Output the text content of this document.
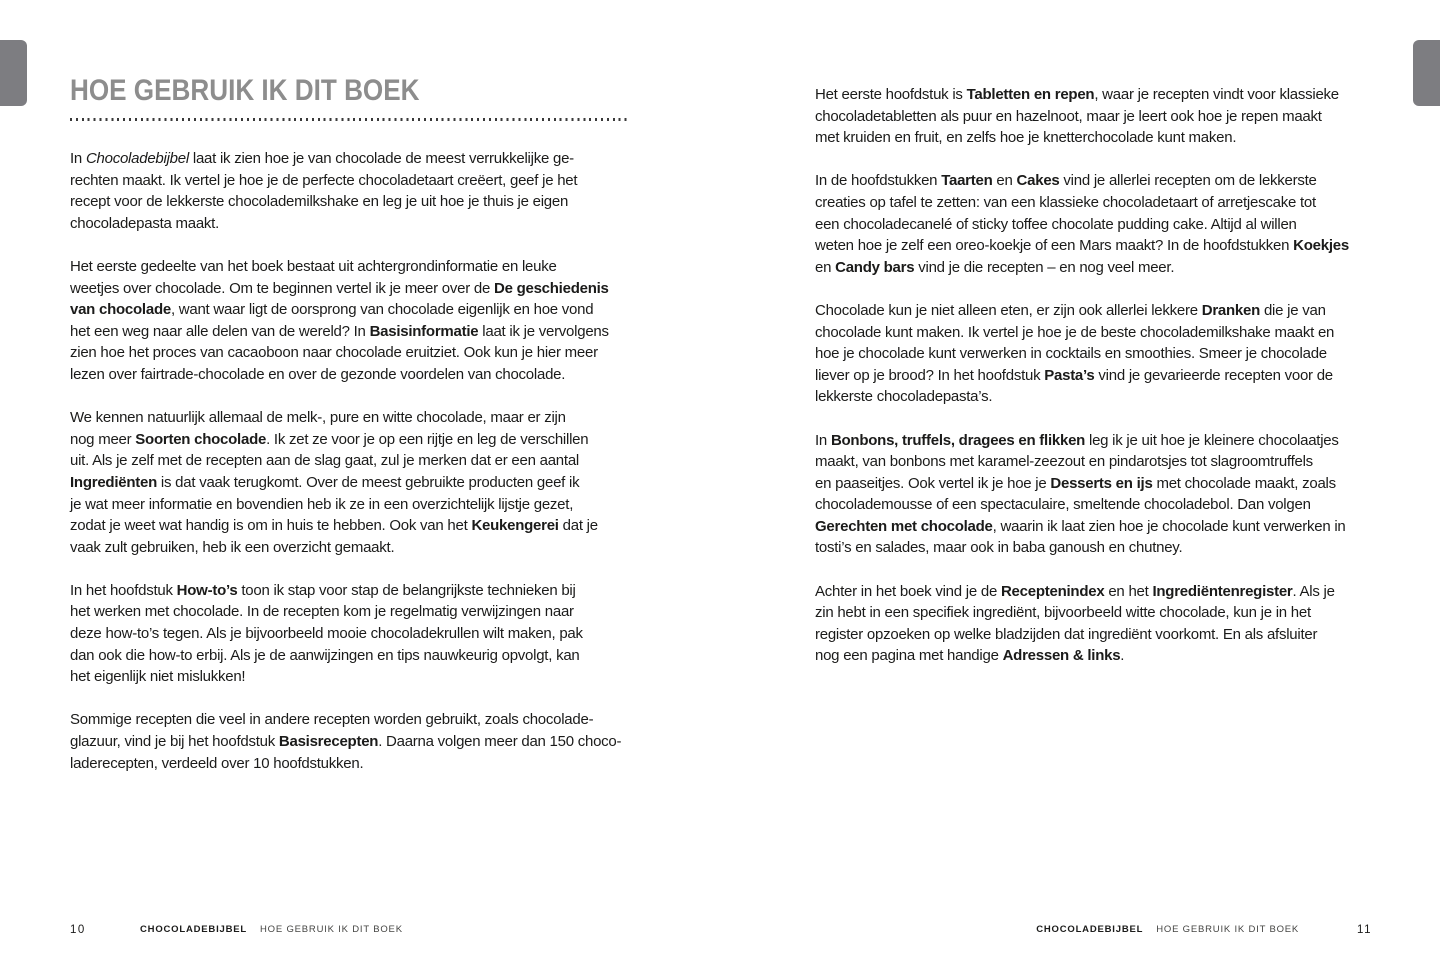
HOE GEBRUIK IK DIT BOEK

In Chocoladebijbel laat ik zien hoe je van chocolade de meest verrukkelijke ge-
rechten maakt. Ik vertel je hoe je de perfecte chocoladetaart creëert, geef je het
recept voor de lekkerste chocolademilkshake en leg je uit hoe je thuis je eigen
chocoladepasta maakt.

Het eerste gedeelte van het boek bestaat uit achtergrondinformatie en leuke
weetjes over chocolade. Om te beginnen vertel ik je meer over de De geschiedenis
van chocolade, want waar ligt de oorsprong van chocolade eigenlijk en hoe vond
het een weg naar alle delen van de wereld? In Basisinformatie laat ik je vervolgens
zien hoe het proces van cacaoboon naar chocolade eruitziet. Ook kun je hier meer
lezen over fairtrade-chocolade en over de gezonde voordelen van chocolade.

We kennen natuurlijk allemaal de melk-, pure en witte chocolade, maar er zijn
nog meer Soorten chocolade. Ik zet ze voor je op een rijtje en leg de verschillen
uit. Als je zelf met de recepten aan de slag gaat, zul je merken dat er een aantal
Ingrediënten is dat vaak terugkomt. Over de meest gebruikte producten geef ik
je wat meer informatie en bovendien heb ik ze in een overzichtelijk lijstje gezet,
zodat je weet wat handig is om in huis te hebben. Ook van het Keukengerei dat je
vaak zult gebruiken, heb ik een overzicht gemaakt.

In het hoofdstuk How-to’s toon ik stap voor stap de belangrijkste technieken bij
het werken met chocolade. In de recepten kom je regelmatig verwijzingen naar
deze how-to’s tegen. Als je bijvoorbeeld mooie chocoladekrullen wilt maken, pak
dan ook die how-to erbij. Als je de aanwijzingen en tips nauwkeurig opvolgt, kan
het eigenlijk niet mislukken!

Sommige recepten die veel in andere recepten worden gebruikt, zoals chocolade-
glazuur, vind je bij het hoofdstuk Basisrecepten. Daarna volgen meer dan 150 choco-
laderecepten, verdeeld over 10 hoofdstukken.

Het eerste hoofdstuk is Tabletten en repen, waar je recepten vindt voor klassieke
chocoladetabletten als puur en hazelnoot, maar je leert ook hoe je repen maakt
met kruiden en fruit, en zelfs hoe je knetterchocolade kunt maken.

In de hoofdstukken Taarten en Cakes vind je allerlei recepten om de lekkerste
creaties op tafel te zetten: van een klassieke chocoladetaart of arretjescake tot
een chocoladecanelé of sticky toffee chocolate pudding cake. Altijd al willen
weten hoe je zelf een oreo-koekje of een Mars maakt? In de hoofdstukken Koekjes
en Candy bars vind je die recepten – en nog veel meer.

Chocolade kun je niet alleen eten, er zijn ook allerlei lekkere Dranken die je van
chocolade kunt maken. Ik vertel je hoe je de beste chocolademilkshake maakt en
hoe je chocolade kunt verwerken in cocktails en smoothies. Smeer je chocolade
liever op je brood? In het hoofdstuk Pasta’s vind je gevarieerde recepten voor de
lekkerste chocoladepasta’s.

In Bonbons, truffels, dragees en flikken leg ik je uit hoe je kleinere chocolaatjes
maakt, van bonbons met karamel-zeezout en pindarotsjes tot slagroomtruffels
en paaseitjes. Ook vertel ik je hoe je Desserts en ijs met chocolade maakt, zoals
chocolademousse of een spectaculaire, smeltende chocoladebol. Dan volgen
Gerechten met chocolade, waarin ik laat zien hoe je chocolade kunt verwerken in
tosti’s en salades, maar ook in baba ganoush en chutney.

Achter in het boek vind je de Receptenindex en het Ingrediëntenregister. Als je
zin hebt in een specifiek ingrediënt, bijvoorbeeld witte chocolade, kun je in het
register opzoeken op welke bladzijden dat ingrediënt voorkomt. En als afsluiter
nog een pagina met handige Adressen & links.

10	CHOCOLADEBIJBEL HOE GEBRUIK IK DIT BOEK	CHOCOLADEBIJBEL HOE GEBRUIK IK DIT BOEK	11
